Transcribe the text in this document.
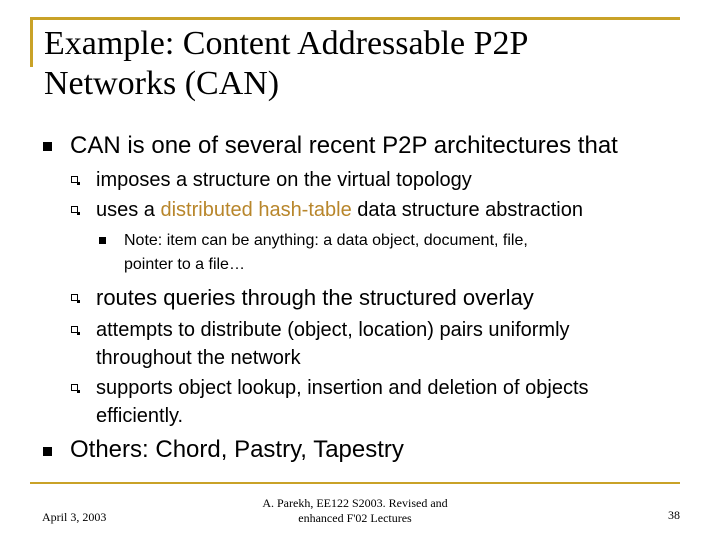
Example: Content Addressable P2P
Networks (CAN)
CAN is one of several recent P2P architectures that
imposes a structure on the virtual topology
uses a distributed hash-table data structure abstraction
Note: item can be anything: a data object, document, file,
pointer to a file…
routes queries through the structured overlay
attempts to distribute (object, location) pairs uniformly
throughout the network
supports object lookup, insertion and deletion of objects
efficiently.
Others: Chord, Pastry, Tapestry
April 3, 2003
A. Parekh, EE122 S2003. Revised and
enhanced F'02 Lectures	38
